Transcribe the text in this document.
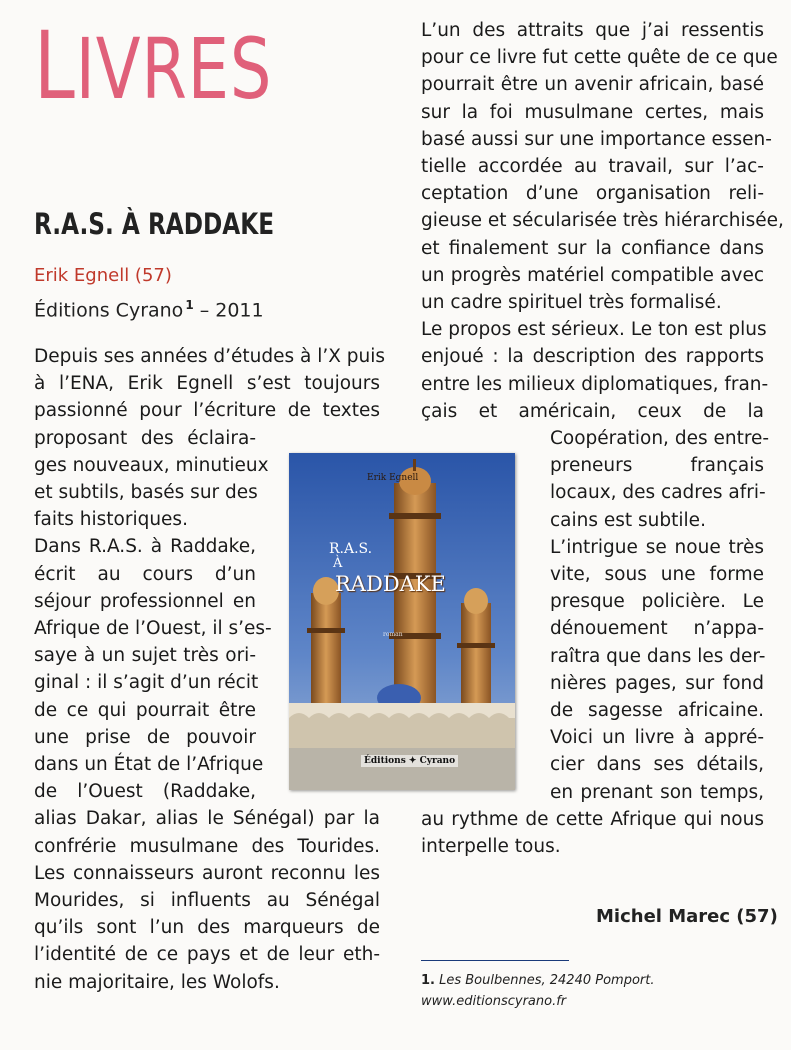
LIVRES
R.A.S. À RADDAKE
Erik Egnell (57)
Éditions Cyrano $^1$ – 2011
Depuis ses années d’études à l’X puis
à l’ENA, Erik Egnell s’est toujours
passionné pour l’écriture de textes
proposant des éclaira-
ges nouveaux, minutieux
et subtils, basés sur des
faits historiques.
Dans R.A.S. à Raddake,
écrit au cours d’un
séjour professionnel en
Afrique de l’Ouest, il s’es-
saye à un sujet très ori-
ginal : il s’agit d’un récit
de ce qui pourrait être
une prise de pouvoir
dans un État de l’Afrique
de l’Ouest (Raddake,
alias Dakar, alias le Sénégal) par la
confrérie musulmane des Tourides.
Les connaisseurs auront reconnu les
Mourides, si influents au Sénégal
qu’ils sont l’un des marqueurs de
l’identité de ce pays et de leur eth-
nie majoritaire, les Wolofs.
L’un des attraits que j’ai ressentis
pour ce livre fut cette quête de ce que
pourrait être un avenir africain, basé
sur la foi musulmane certes, mais
basé aussi sur une importance essen-
tielle accordée au travail, sur l’ac-
ceptation d’une organisation reli-
gieuse et sécularisée très hiérarchisée,
et finalement sur la confiance dans
un progrès matériel compatible avec
un cadre spirituel très formalisé.
Le propos est sérieux. Le ton est plus
enjoué : la description des rapports
entre les milieux diplomatiques, fran-
çais et américain, ceux de la
Coopération, des entre-
preneurs français
locaux, des cadres afri-
cains est subtile.
L’intrigue se noue très
vite, sous une forme
presque policière. Le
dénouement n’appa-
raîtra que dans les der-
nières pages, sur fond
de sagesse africaine.
Voici un livre à appré-
cier dans ses détails,
en prenant son temps,
au rythme de cette Afrique qui nous
interpelle tous.
Erik Egnell
R.A.S.
À
RADDAKE
roman
Éditions ✦ Cyrano
Michel Marec (57)
1. Les Boulbennes, 24240 Pomport.
www.editionscyrano.fr
